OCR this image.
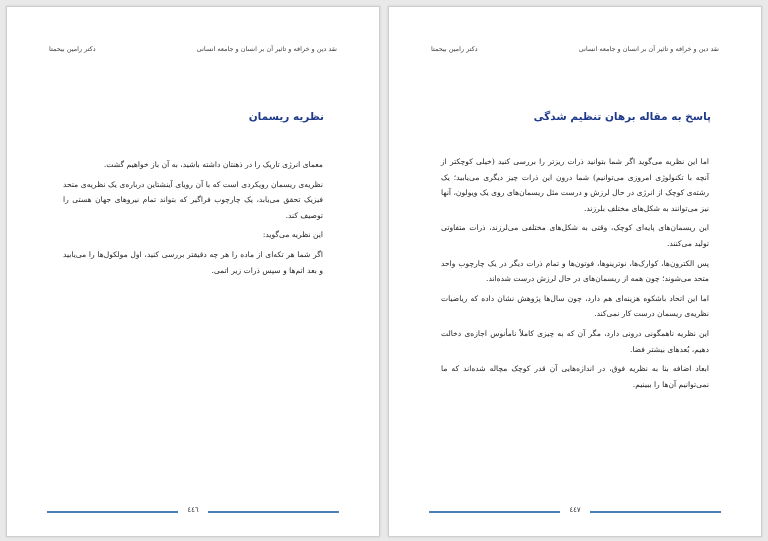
نقد دین و خرافه و تاثیر آن بر انسان و جامعه انسانی
دکتر رامین بیحمتا
نظریه ریسمان

معمای انرژی تاریک را در ذهنتان داشته باشید، به آن باز خواهیم گشت.

نظریه‌ی ریسمان رویکردی است که با آن رویای آینشتاین درباره‌ی یک نظریه‌ی متحد فیزیک تحقق می‌یابد، یک چارچوب فراگیر که بتواند تمام نیروهای جهان هستی را توصیف کند.

این نظریه می‌گوید:

اگر شما هر تکه‌ای از ماده را هر چه دقیقتر بررسی کنید، اول مولکول‌ها را می‌یابید و بعد اتم‌ها و سپس ذرات زیر اتمی.

٤٤٦
نقد دین و خرافه و تاثیر آن بر انسان و جامعه انسانی
دکتر رامین بیحمتا
پاسخ به مقاله برهان تنظیم شدگی

اما این نظریه می‌گوید اگر شما بتوانید ذرات ریزتر را بررسی کنید (خیلی کوچکتر از آنچه با تکنولوژی امروزی می‌توانیم) شما درون این ذرات چیز دیگری می‌یابید؛ یک رشته‌ی کوچک از انرژی در حال لرزش و درست مثل ریسمان‌های روی یک ویولون، آنها نیز می‌توانند به شکل‌های مختلف بلرزند.

این ریسمان‌های پایه‌ای کوچک، وقتی به شکل‌های مختلفی می‌لرزند، ذرات متفاوتی تولید می‌کنند.

پس الکترون‌ها، کوارک‌ها، نوترینوها، فوتون‌ها و تمام ذرات دیگر در یک چارچوب واحد متحد می‌شوند؛ چون همه از ریسمان‌های در حال لرزش درست شده‌اند.

اما این اتحاد باشکوه هزینه‌ای هم دارد، چون سال‌ها پژوهش نشان داده که ریاضیات نظریه‌ی ریسمان درست کار نمی‌کند.

این نظریه ناهمگونی درونی دارد، مگر آن که به چیزی کاملاً نامأنوس اجازه‌ی دخالت دهیم، بُعدهای بیشتر فضا.

ابعاد اضافه بنا به نظریه فوق، در اندازه‌هایی آن قدر کوچک مچاله شده‌اند که ما نمی‌توانیم آن‌ها را ببینیم.

٤٤٧
